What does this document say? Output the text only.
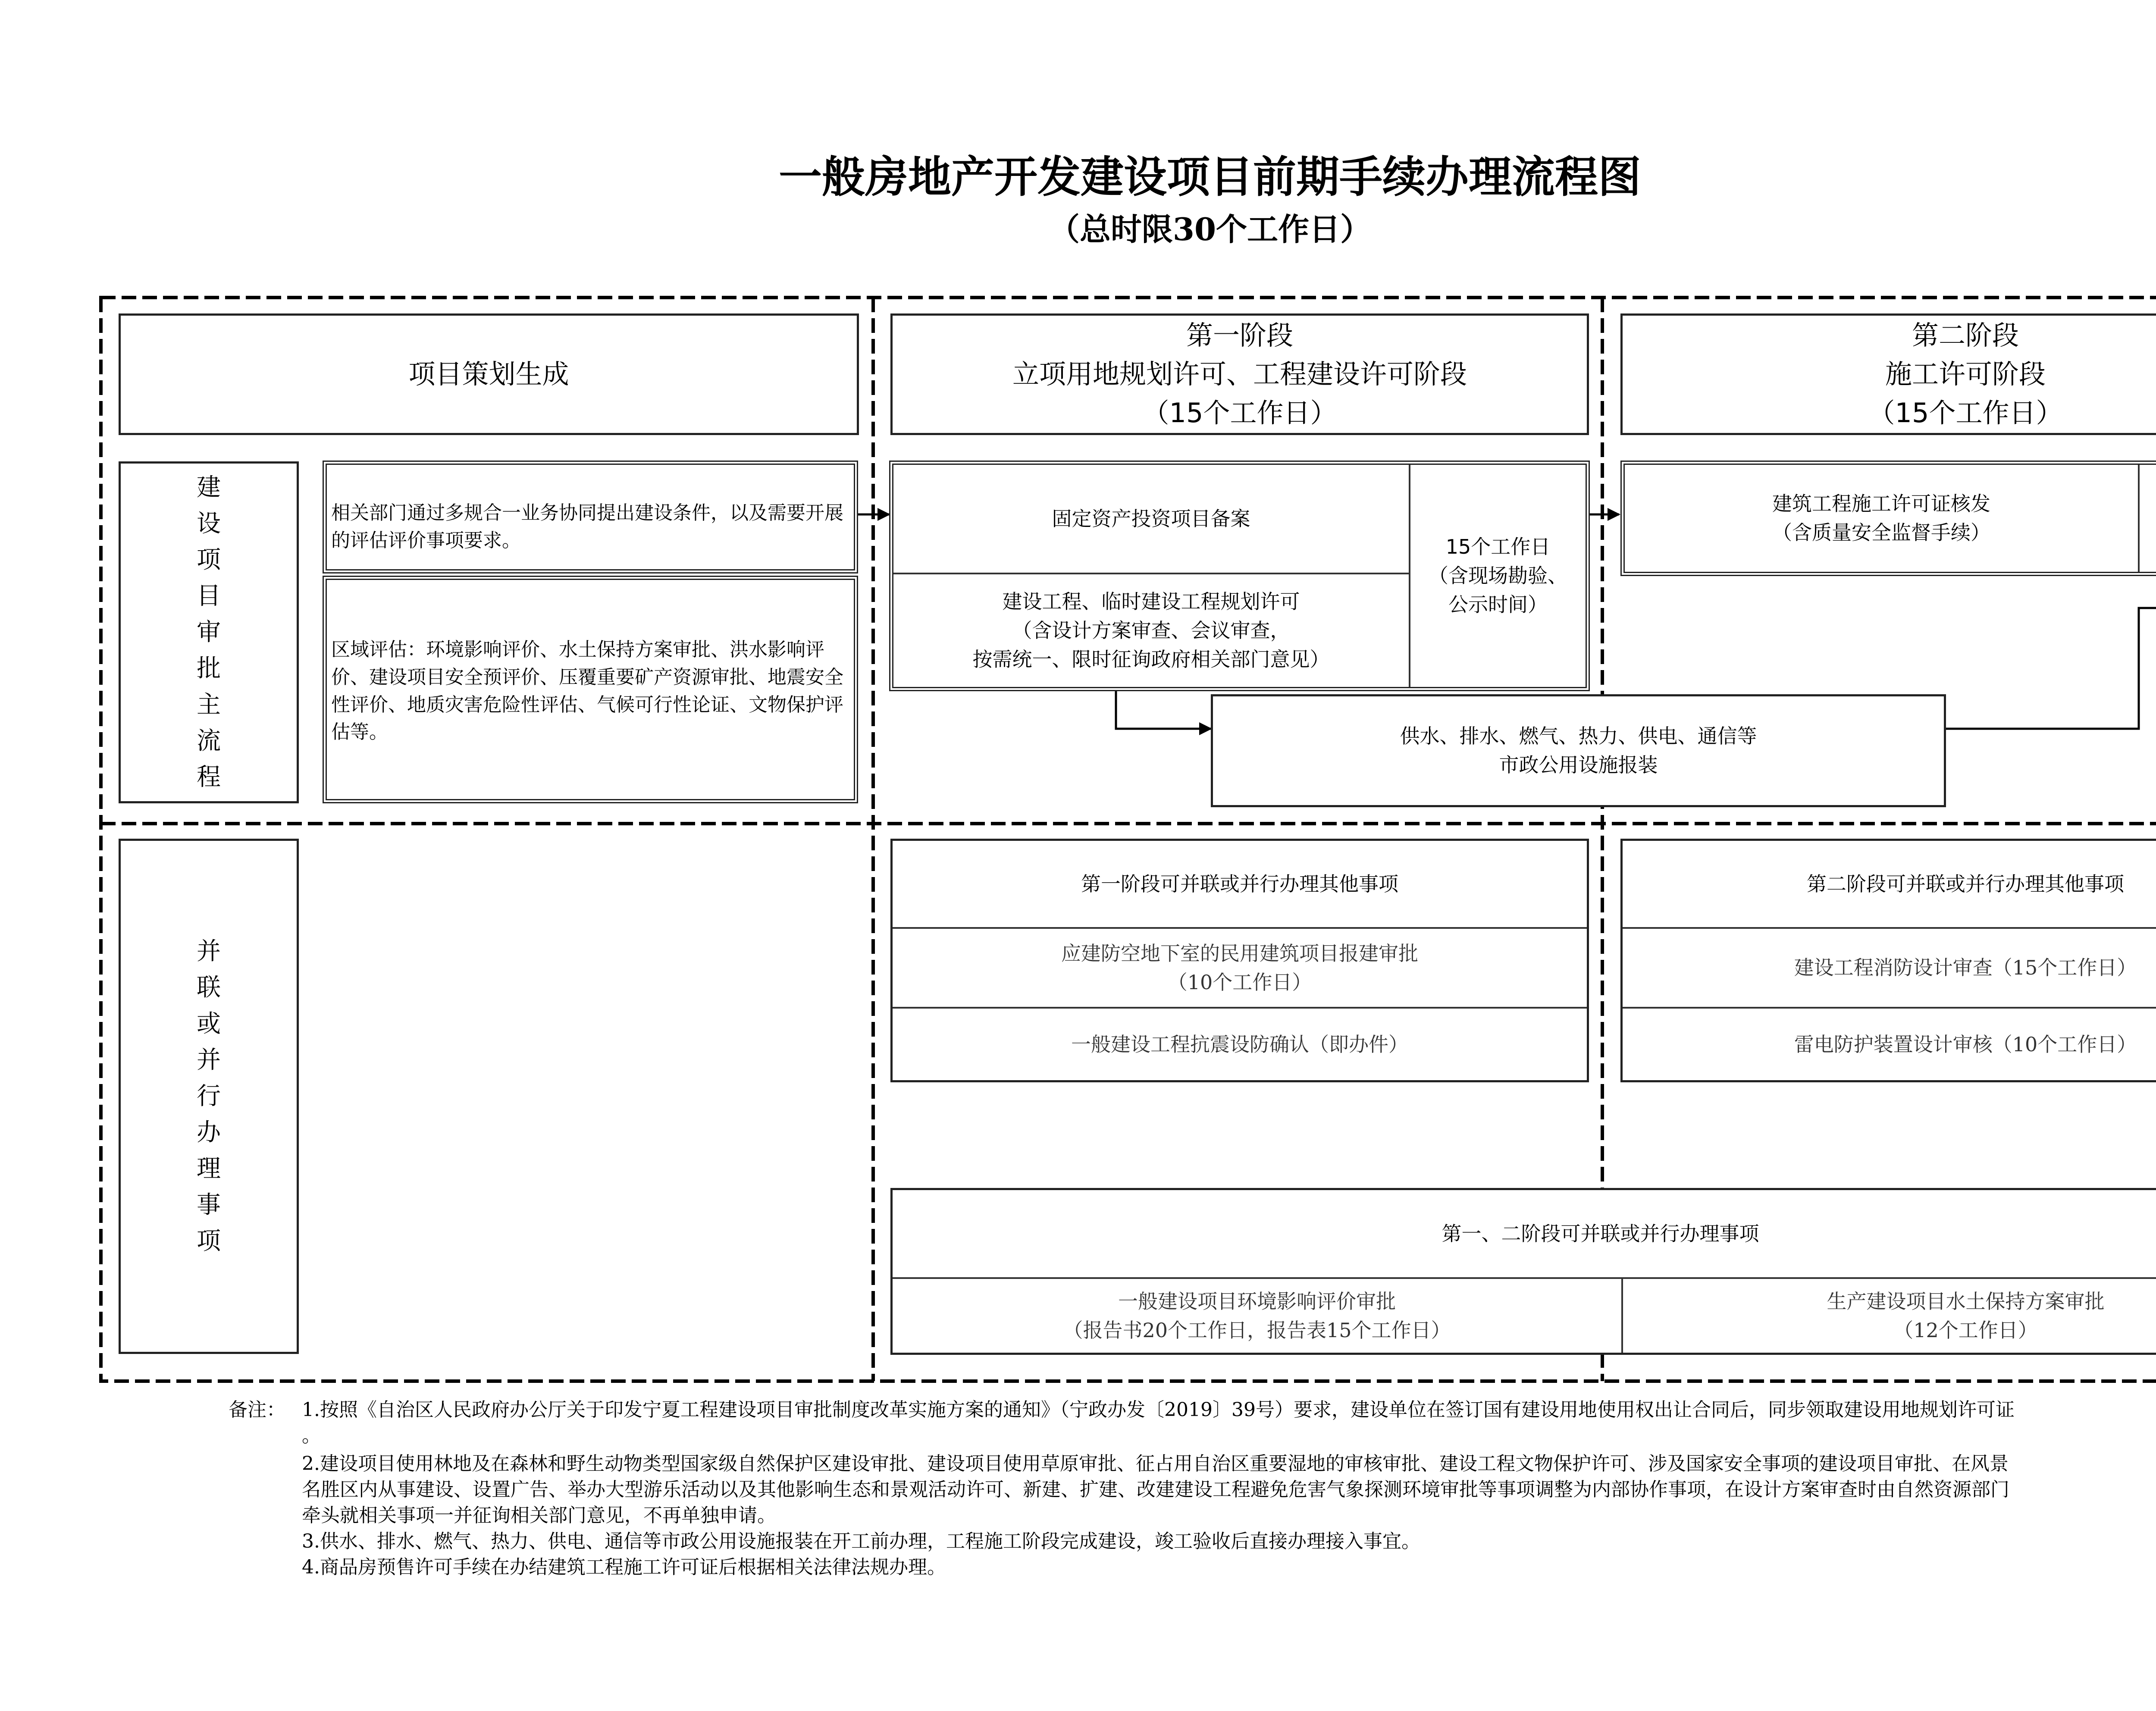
一般房地产开发建设项目前期手续办理流程图
（总时限30个工作日）
项目策划生成
第一阶段
立项用地规划许可、工程建设许可阶段
（15个工作日）
第二阶段
施工许可阶段
（15个工作日）
建设项目审批主流程
并联或并行办理事项
相关部门通过多规合一业务协同提出建设条件，以及需要开展的评估评价事项要求。
区域评估：环境影响评价、水土保持方案审批、洪水影响评价、建设项目安全预评价、压覆重要矿产资源审批、地震安全性评价、地质灾害危险性评估、气候可行性论证、文物保护评估等。
固定资产投资项目备案
建设工程、临时建设工程规划许可
（含设计方案审查、会议审查，
按需统一、限时征询政府相关部门意见）
15个工作日
（含现场勘验、
公示时间）
建筑工程施工许可证核发
（含质量安全监督手续）
供水、排水、燃气、热力、供电、通信等
市政公用设施报装
第一阶段可并联或并行办理其他事项
应建防空地下室的民用建筑项目报建审批
（10个工作日）
一般建设工程抗震设防确认（即办件）
第二阶段可并联或并行办理其他事项
建设工程消防设计审查（15个工作日）
雷电防护装置设计审核（10个工作日）
第一、二阶段可并联或并行办理事项
一般建设项目环境影响评价审批
（报告书20个工作日，报告表15个工作日）
生产建设项目水土保持方案审批
（12个工作日）
备注： 1.按照《自治区人民政府办公厅关于印发宁夏工程建设项目审批制度改革实施方案的通知》（宁政办发〔2019〕39号）要求，建设单位在签订国有建设用地使用权出让合同后，同步领取建设用地规划许可证
。
2.建设项目使用林地及在森林和野生动物类型国家级自然保护区建设审批、建设项目使用草原审批、征占用自治区重要湿地的审核审批、建设工程文物保护许可、涉及国家安全事项的建设项目审批、在风景
名胜区内从事建设、设置广告、举办大型游乐活动以及其他影响生态和景观活动许可、新建、扩建、改建建设工程避免危害气象探测环境审批等事项调整为内部协作事项，在设计方案审查时由自然资源部门
牵头就相关事项一并征询相关部门意见，不再单独申请。
3.供水、排水、燃气、热力、供电、通信等市政公用设施报装在开工前办理，工程施工阶段完成建设，竣工验收后直接办理接入事宜。
4.商品房预售许可手续在办结建筑工程施工许可证后根据相关法律法规办理。
